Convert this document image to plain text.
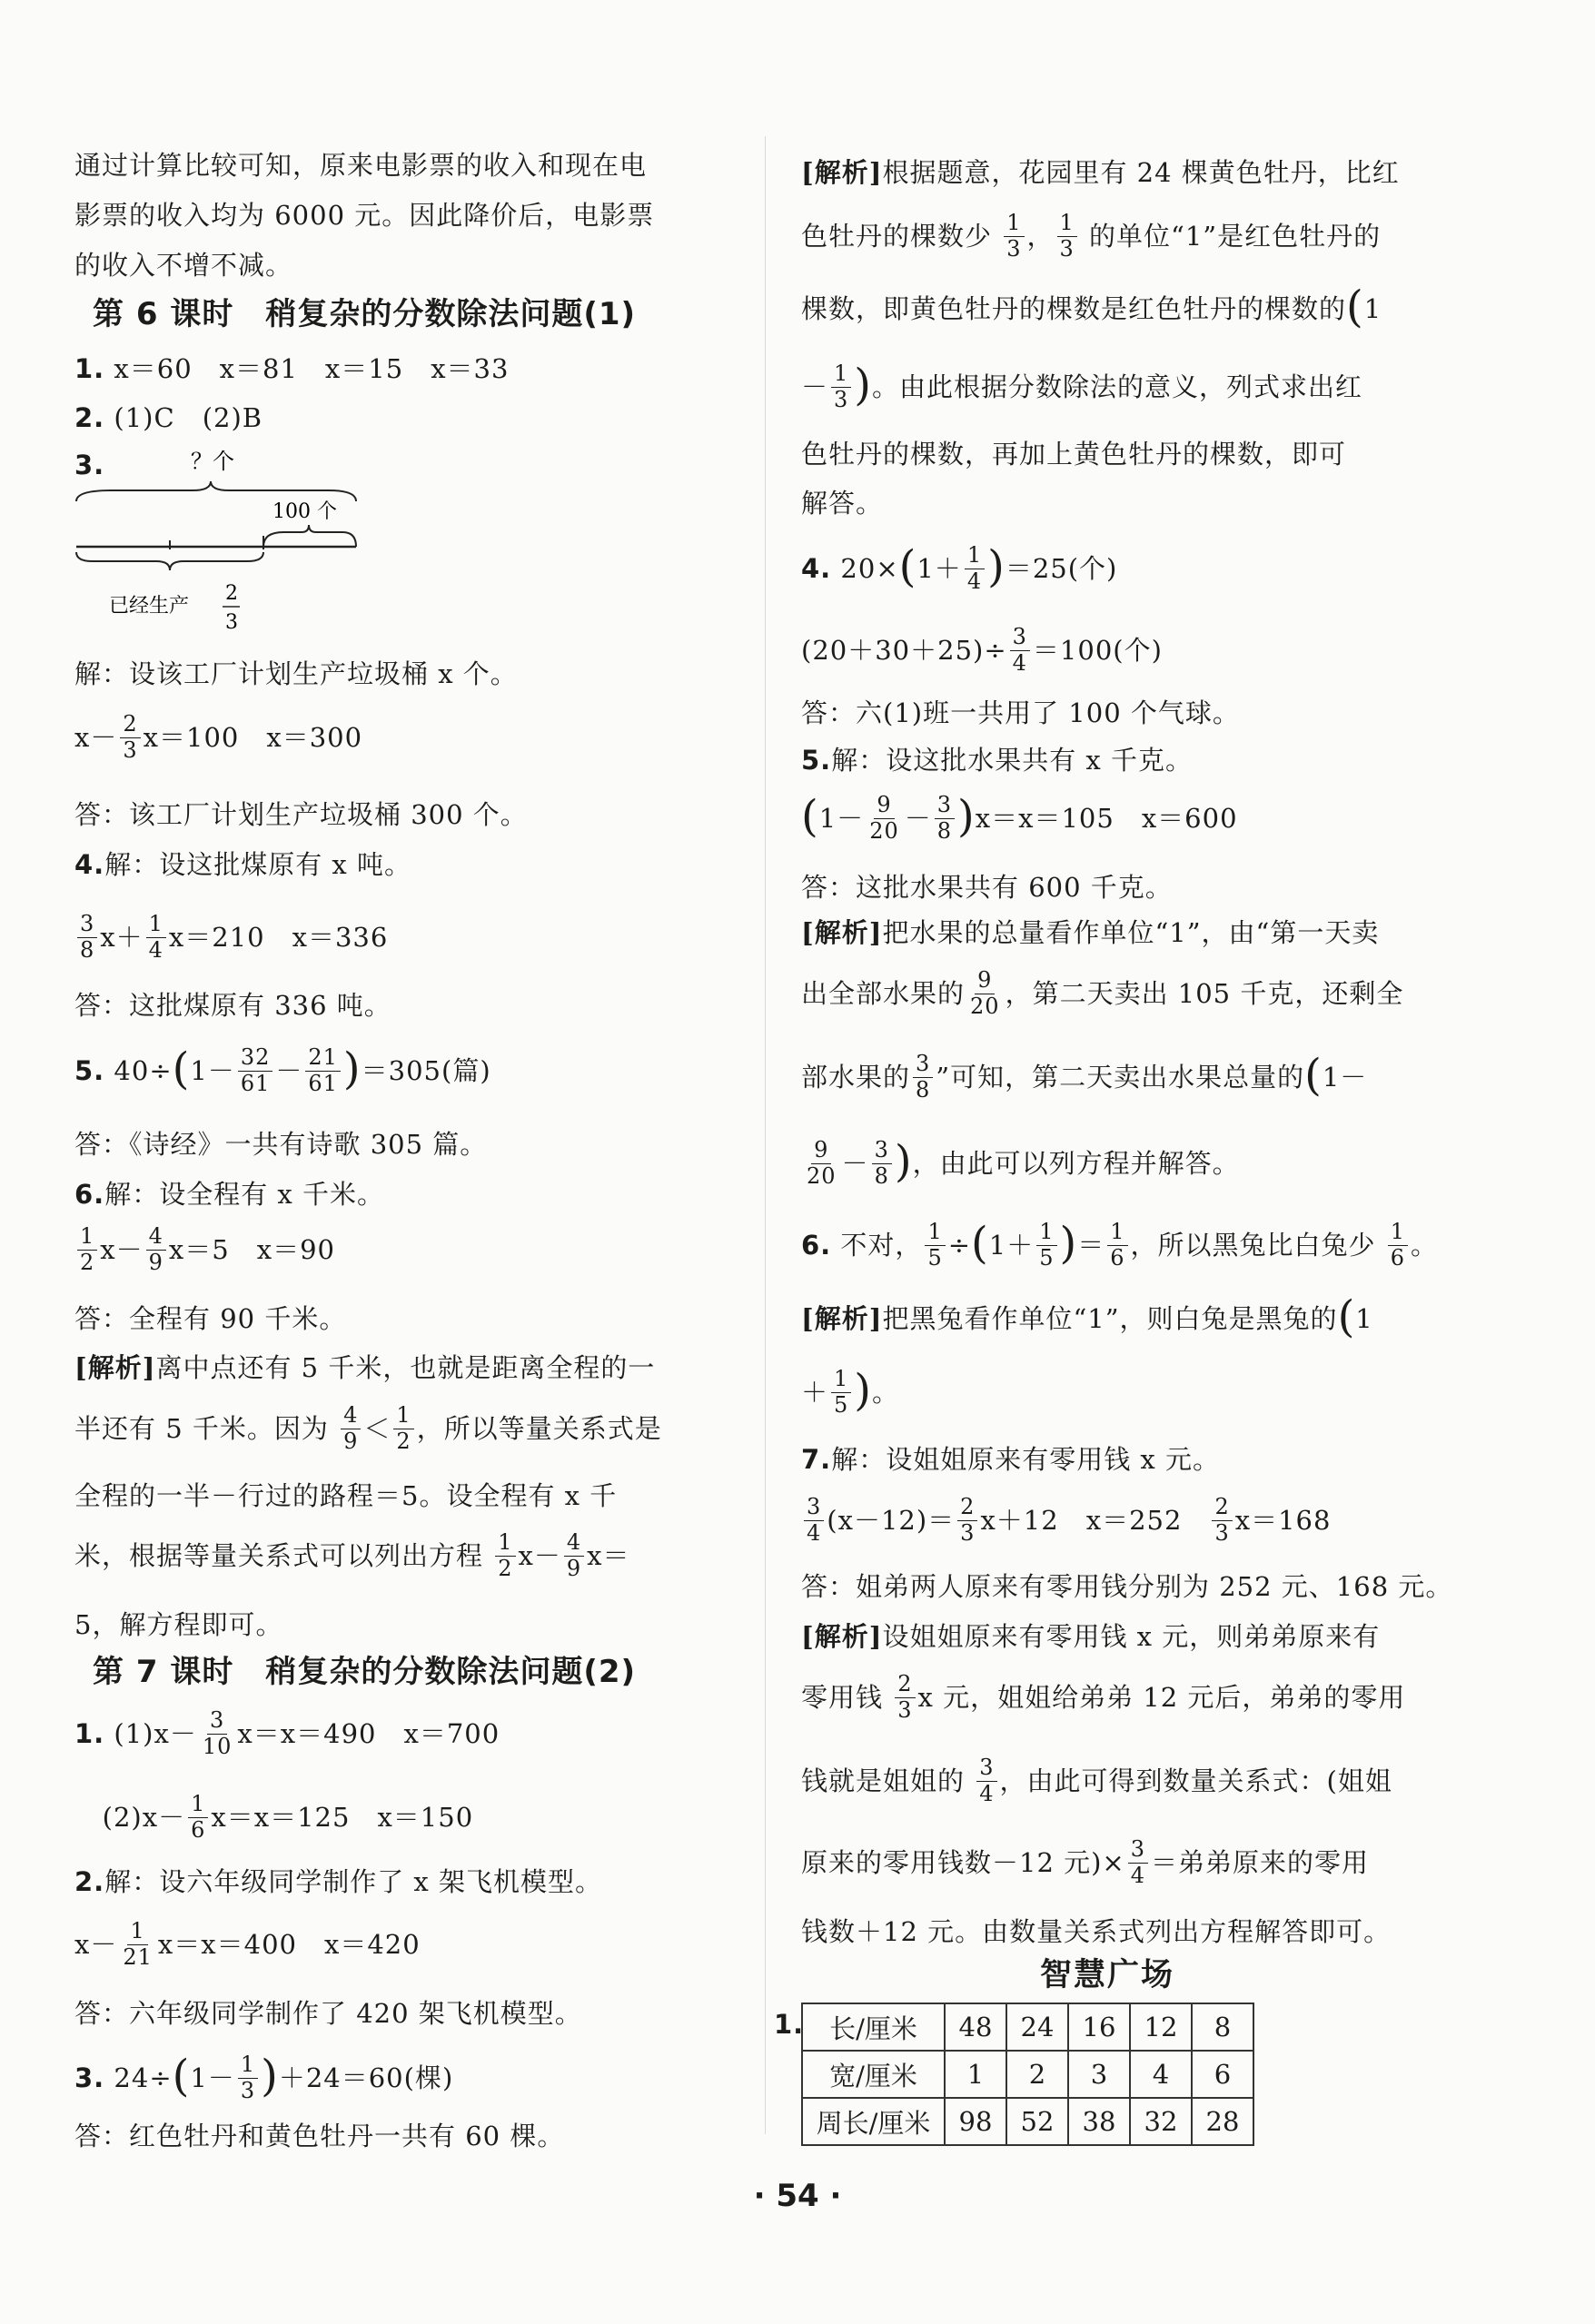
通过计算比较可知，原来电影票的收入和现在电
影票的收入均为 6000 元。因此降价后，电影票
的收入不增不减。
第 6 课时　稍复杂的分数除法问题(1)
1. x＝60　x＝81　x＝15　x＝33
2. (1)C　(2)B
3.	？个
100 个
已经生产
2
3
解：设该工厂计划生产垃圾桶 x 个。
$x- \frac{2}{3} x=100$　x＝300
答：该工厂计划生产垃圾桶 300 个。
4.解：设这批煤原有 x 吨。
$\frac{3}{8} x+ \frac{1}{4} x=210$　x＝336
答：这批煤原有 336 吨。
5. $40\div(1- \frac{32}{61} - \frac{21}{61} )=305$(篇)
答：《诗经》一共有诗歌 305 篇。
6.解：设全程有 x 千米。
$\frac{1}{2} x- \frac{4}{9} x=5$　x＝90
答：全程有 90 千米。
[解析]离中点还有 5 千米，也就是距离全程的一
半还有 5 千米。因为 $\frac{4}{9} < \frac{1}{2}$ ，所以等量关系式是
全程的一半－行过的路程＝5。设全程有 x 千
米，根据等量关系式可以列出方程 $\frac{1}{2} x- \frac{4}{9} x=$
5，解方程即可。
第 7 课时　稍复杂的分数除法问题(2)
1. $(1)x- \frac{3}{10} x=x=490$　x＝700
$(2)x- \frac{1}{6} x=x=125$　x＝150
2.解：设六年级同学制作了 x 架飞机模型。
$x- \frac{1}{21} x=x=400$　x＝420
答：六年级同学制作了 420 架飞机模型。
3. $24\div(1- \frac{1}{3} )+24=60$(棵)
答：红色牡丹和黄色牡丹一共有 60 棵。
[解析]根据题意，花园里有 24 棵黄色牡丹，比红
色牡丹的棵数少 $\frac{1}{3}$ ， $\frac{1}{3}$ 的单位“1”是红色牡丹的
棵数，即黄色牡丹的棵数是红色牡丹的棵数的(1
－ $\frac{1}{3}$ )。由此根据分数除法的意义，列式求出红
色牡丹的棵数，再加上黄色牡丹的棵数，即可
解答。
4. $20\times(1+ \frac{1}{4} )=25$(个)
$(20+30+25)\div \frac{3}{4} =100$(个)
答：六(1)班一共用了 100 个气球。
5.解：设这批水果共有 x 千克。
$(1- \frac{9}{20} - \frac{3}{8} )x=x=105$　x＝600
答：这批水果共有 600 千克。
[解析]把水果的总量看作单位“1”，由“第一天卖
出全部水果的 $\frac{9}{20}$ ，第二天卖出 105 千克，还剩全
部水果的 $\frac{3}{8}$ ”可知，第二天卖出水果总量的(1－
$\frac{9}{20} - \frac{3}{8}$ )，由此可以列方程并解答。
6. 不对， $\frac{1}{5} \div(1+ \frac{1}{5}$ )＝ $\frac{1}{6}$ ，所以黑兔比白兔少 $\frac{1}{6}$ 。
[解析]把黑兔看作单位“1”，则白兔是黑兔的(1
＋ $\frac{1}{5}$ )。
7.解：设姐姐原来有零用钱 x 元。
$\frac{3}{4} (x-12)= \frac{2}{3} x+12$　x＝252　 $\frac{2}{3} x=168$
答：姐弟两人原来有零用钱分别为 252 元、168 元。
[解析]设姐姐原来有零用钱 x 元，则弟弟原来有
零用钱 $\frac{2}{3}$ x 元，姐姐给弟弟 12 元后，弟弟的零用
钱就是姐姐的 $\frac{3}{4}$ ，由此可得到数量关系式：(姐姐
原来的零用钱数－12 元)× $\frac{3}{4}$ ＝弟弟原来的零用
钱数＋12 元。由数量关系式列出方程解答即可。
智慧广场
1. 长/厘米	48	24	16	12	8
宽/厘米	1	2	3	4	6
周长/厘米	98	52	38	32	28
· 54 ·
